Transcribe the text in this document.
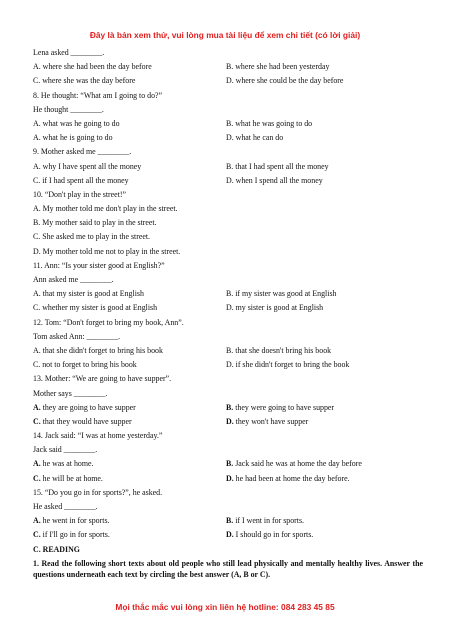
Đây là bản xem thử, vui lòng mua tài liệu để xem chi tiết (có lời giải)
Lena asked ________.
A. where she had been the day before	B. where she had been yesterday
C. where she was the day before	D. where she could be the day before
8. He thought: “What am I going to do?”
He thought ________.
A. what was he going to do	B. what he was going to do
A. what he is going to do	D. what he can do
9. Mother asked me ________.
A. why I have spent all the money	B. that I had spent all the money
C. if I had spent all the money	D. when I spend all the money
10. “Don't play in the street!”
A. My mother told me don't play in the street.
B. My mother said to play in the street.
C. She asked me to play in the street.
D. My mother told me not to play in the street.
11. Ann: “Is your sister good at English?”
Ann asked me ________.
A. that my sister is good at English	B. if my sister was good at English
C. whether my sister is good at English	D. my sister is good at English
12. Tom: “Don't forget to bring my book, Ann”.
Tom asked Ann: ________.
A. that she didn't forget to bring his book	B. that she doesn't bring his book
C. not to forget to bring his book	D. if she didn't forget to bring the book
13. Mother: “We are going to have supper”.
Mother says ________.
A. they are going to have supper	B. they were going to have supper
C. that they would have supper	D. they won't have supper
14. Jack said: “I was at home yesterday.”
Jack said ________.
A. he was at home.	B. Jack said he was at home the day before
C. he will be at home.	D. he had been at home the day before.
15. “Do you go in for sports?”, he asked.
He asked ________.
A. he went in for sports.	B. if I went in for sports.
C. if I'll go in for sports.	D. I should go in for sports.
C. READING
1. Read the following short texts about old people who still lead physically and mentally healthy lives. Answer the questions underneath each text by circling the best answer (A, B or C).
Mọi thắc mắc vui lòng xin liên hệ hotline: 084 283 45 85
